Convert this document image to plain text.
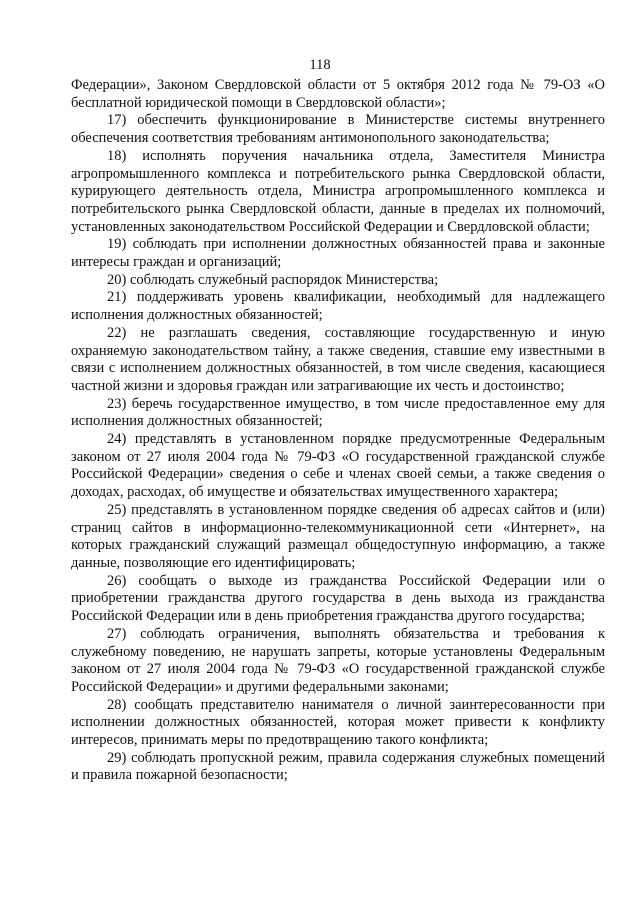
118

Федерации», Законом Свердловской области от 5 октября 2012 года № 79-ОЗ «О бесплатной юридической помощи в Свердловской области»;

17) обеспечить функционирование в Министерстве системы внутреннего обеспечения соответствия требованиям антимонопольного законодательства;

18) исполнять поручения начальника отдела, Заместителя Министра агропромышленного комплекса и потребительского рынка Свердловской области, курирующего деятельность отдела, Министра агропромышленного комплекса и потребительского рынка Свердловской области, данные в пределах их полномочий, установленных законодательством Российской Федерации и Свердловской области;

19) соблюдать при исполнении должностных обязанностей права и законные интересы граждан и организаций;

20) соблюдать служебный распорядок Министерства;

21) поддерживать уровень квалификации, необходимый для надлежащего исполнения должностных обязанностей;

22) не разглашать сведения, составляющие государственную и иную охраняемую законодательством тайну, а также сведения, ставшие ему известными в связи с исполнением должностных обязанностей, в том числе сведения, касающиеся частной жизни и здоровья граждан или затрагивающие их честь и достоинство;

23) беречь государственное имущество, в том числе предоставленное ему для исполнения должностных обязанностей;

24) представлять в установленном порядке предусмотренные Федеральным законом от 27 июля 2004 года № 79-ФЗ «О государственной гражданской службе Российской Федерации» сведения о себе и членах своей семьи, а также сведения о доходах, расходах, об имуществе и обязательствах имущественного характера;

25) представлять в установленном порядке сведения об адресах сайтов и (или) страниц сайтов в информационно-телекоммуникационной сети «Интернет», на которых гражданский служащий размещал общедоступную информацию, а также данные, позволяющие его идентифицировать;

26) сообщать о выходе из гражданства Российской Федерации или о приобретении гражданства другого государства в день выхода из гражданства Российской Федерации или в день приобретения гражданства другого государства;

27) соблюдать ограничения, выполнять обязательства и требования к служебному поведению, не нарушать запреты, которые установлены Федеральным законом от 27 июля 2004 года № 79-ФЗ «О государственной гражданской службе Российской Федерации» и другими федеральными законами;

28) сообщать представителю нанимателя о личной заинтересованности при исполнении должностных обязанностей, которая может привести к конфликту интересов, принимать меры по предотвращению такого конфликта;

29) соблюдать пропускной режим, правила содержания служебных помещений и правила пожарной безопасности;
